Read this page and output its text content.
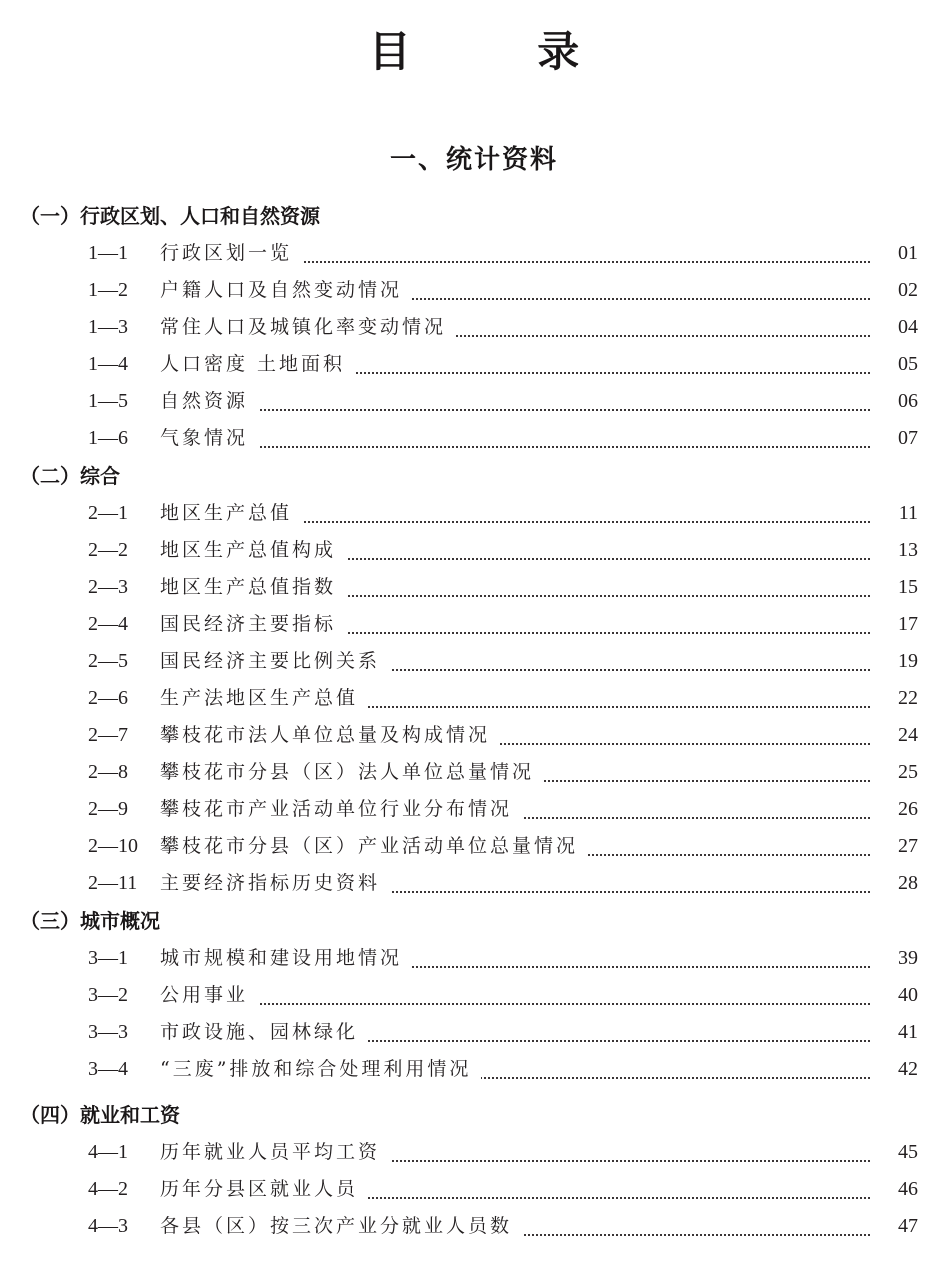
目 录
一、统计资料
（一）行政区划、人口和自然资源
1—1 行政区划一览	01
1—2 户籍人口及自然变动情况	02
1—3 常住人口及城镇化率变动情况	04
1—4 人口密度 土地面积	05
1—5 自然资源	06
1—6 气象情况	07
（二）综合
2—1 地区生产总值	11
2—2 地区生产总值构成	13
2—3 地区生产总值指数	15
2—4 国民经济主要指标	17
2—5 国民经济主要比例关系	19
2—6 生产法地区生产总值	22
2—7 攀枝花市法人单位总量及构成情况	24
2—8 攀枝花市分县（区）法人单位总量情况	25
2—9 攀枝花市产业活动单位行业分布情况	26
2—10 攀枝花市分县（区）产业活动单位总量情况	27
2—11 主要经济指标历史资料	28
（三）城市概况
3—1 城市规模和建设用地情况	39
3—2 公用事业	40
3—3 市政设施、园林绿化	41
3—4 “三废”排放和综合处理利用情况	42
（四）就业和工资
4—1 历年就业人员平均工资	45
4—2 历年分县区就业人员	46
4—3 各县（区）按三次产业分就业人员数	47
